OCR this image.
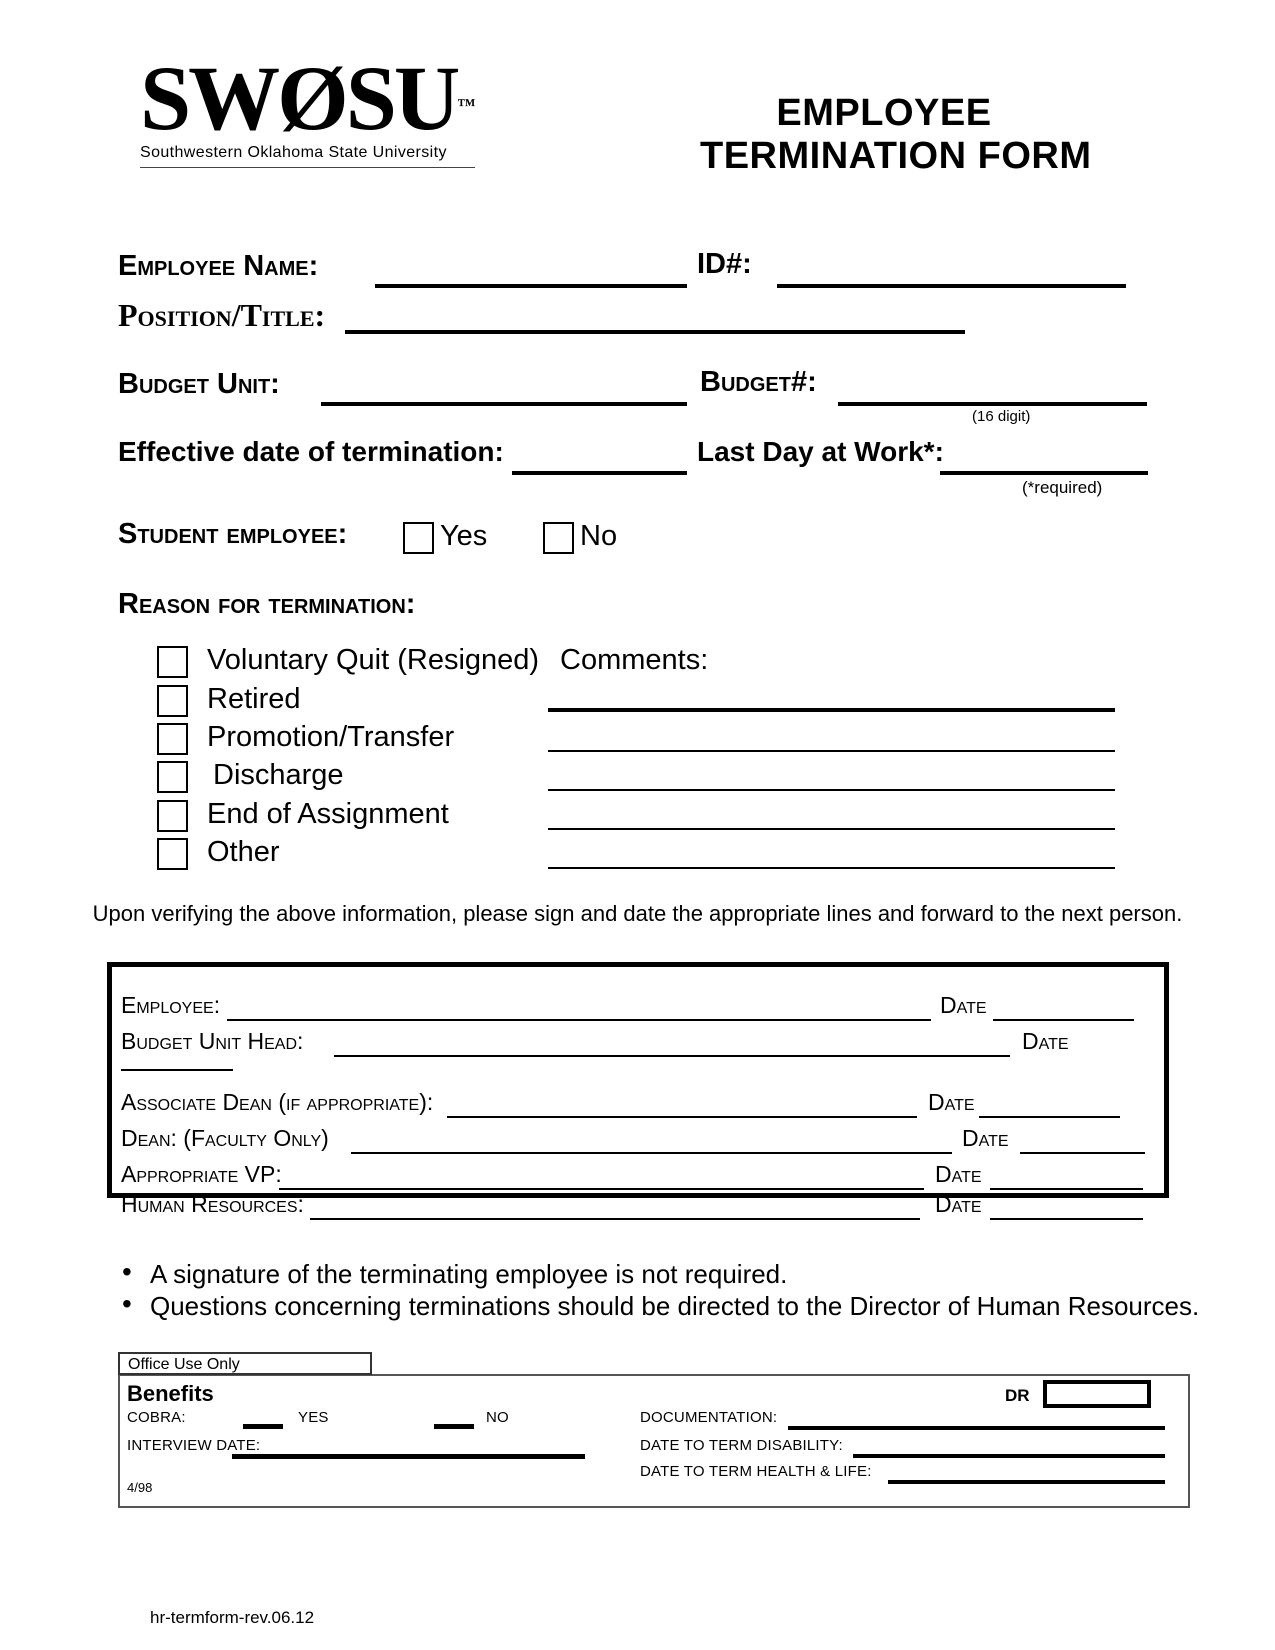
SWØSU™
Southwestern Oklahoma State University
EMPLOYEE
TERMINATION FORM
Employee Name:	ID#:
Position/Title:
Budget Unit:	Budget#:
(16 digit)
Effective date of termination:	Last Day at Work*:
(*required)
Student employee:	Yes	No
Reason for termination:
Voluntary Quit (Resigned)
Retired
Promotion/Transfer
Discharge
End of Assignment
Other
Comments:
Upon verifying the above information, please sign and date the appropriate lines and forward to the next person.
Employee:	Date
Budget Unit Head:	Date
Associate Dean (if appropriate):	Date
Dean: (Faculty Only)	Date
Appropriate VP:	Date
Human Resources:	Date
• A signature of the terminating employee is not required.
• Questions concerning terminations should be directed to the Director of Human Resources.
Office Use Only
Benefits	DR
COBRA:	YES	NO	DOCUMENTATION:
INTERVIEW DATE:	DATE TO TERM DISABILITY:
DATE TO TERM HEALTH & LIFE:
4/98
hr-termform-rev.06.12
